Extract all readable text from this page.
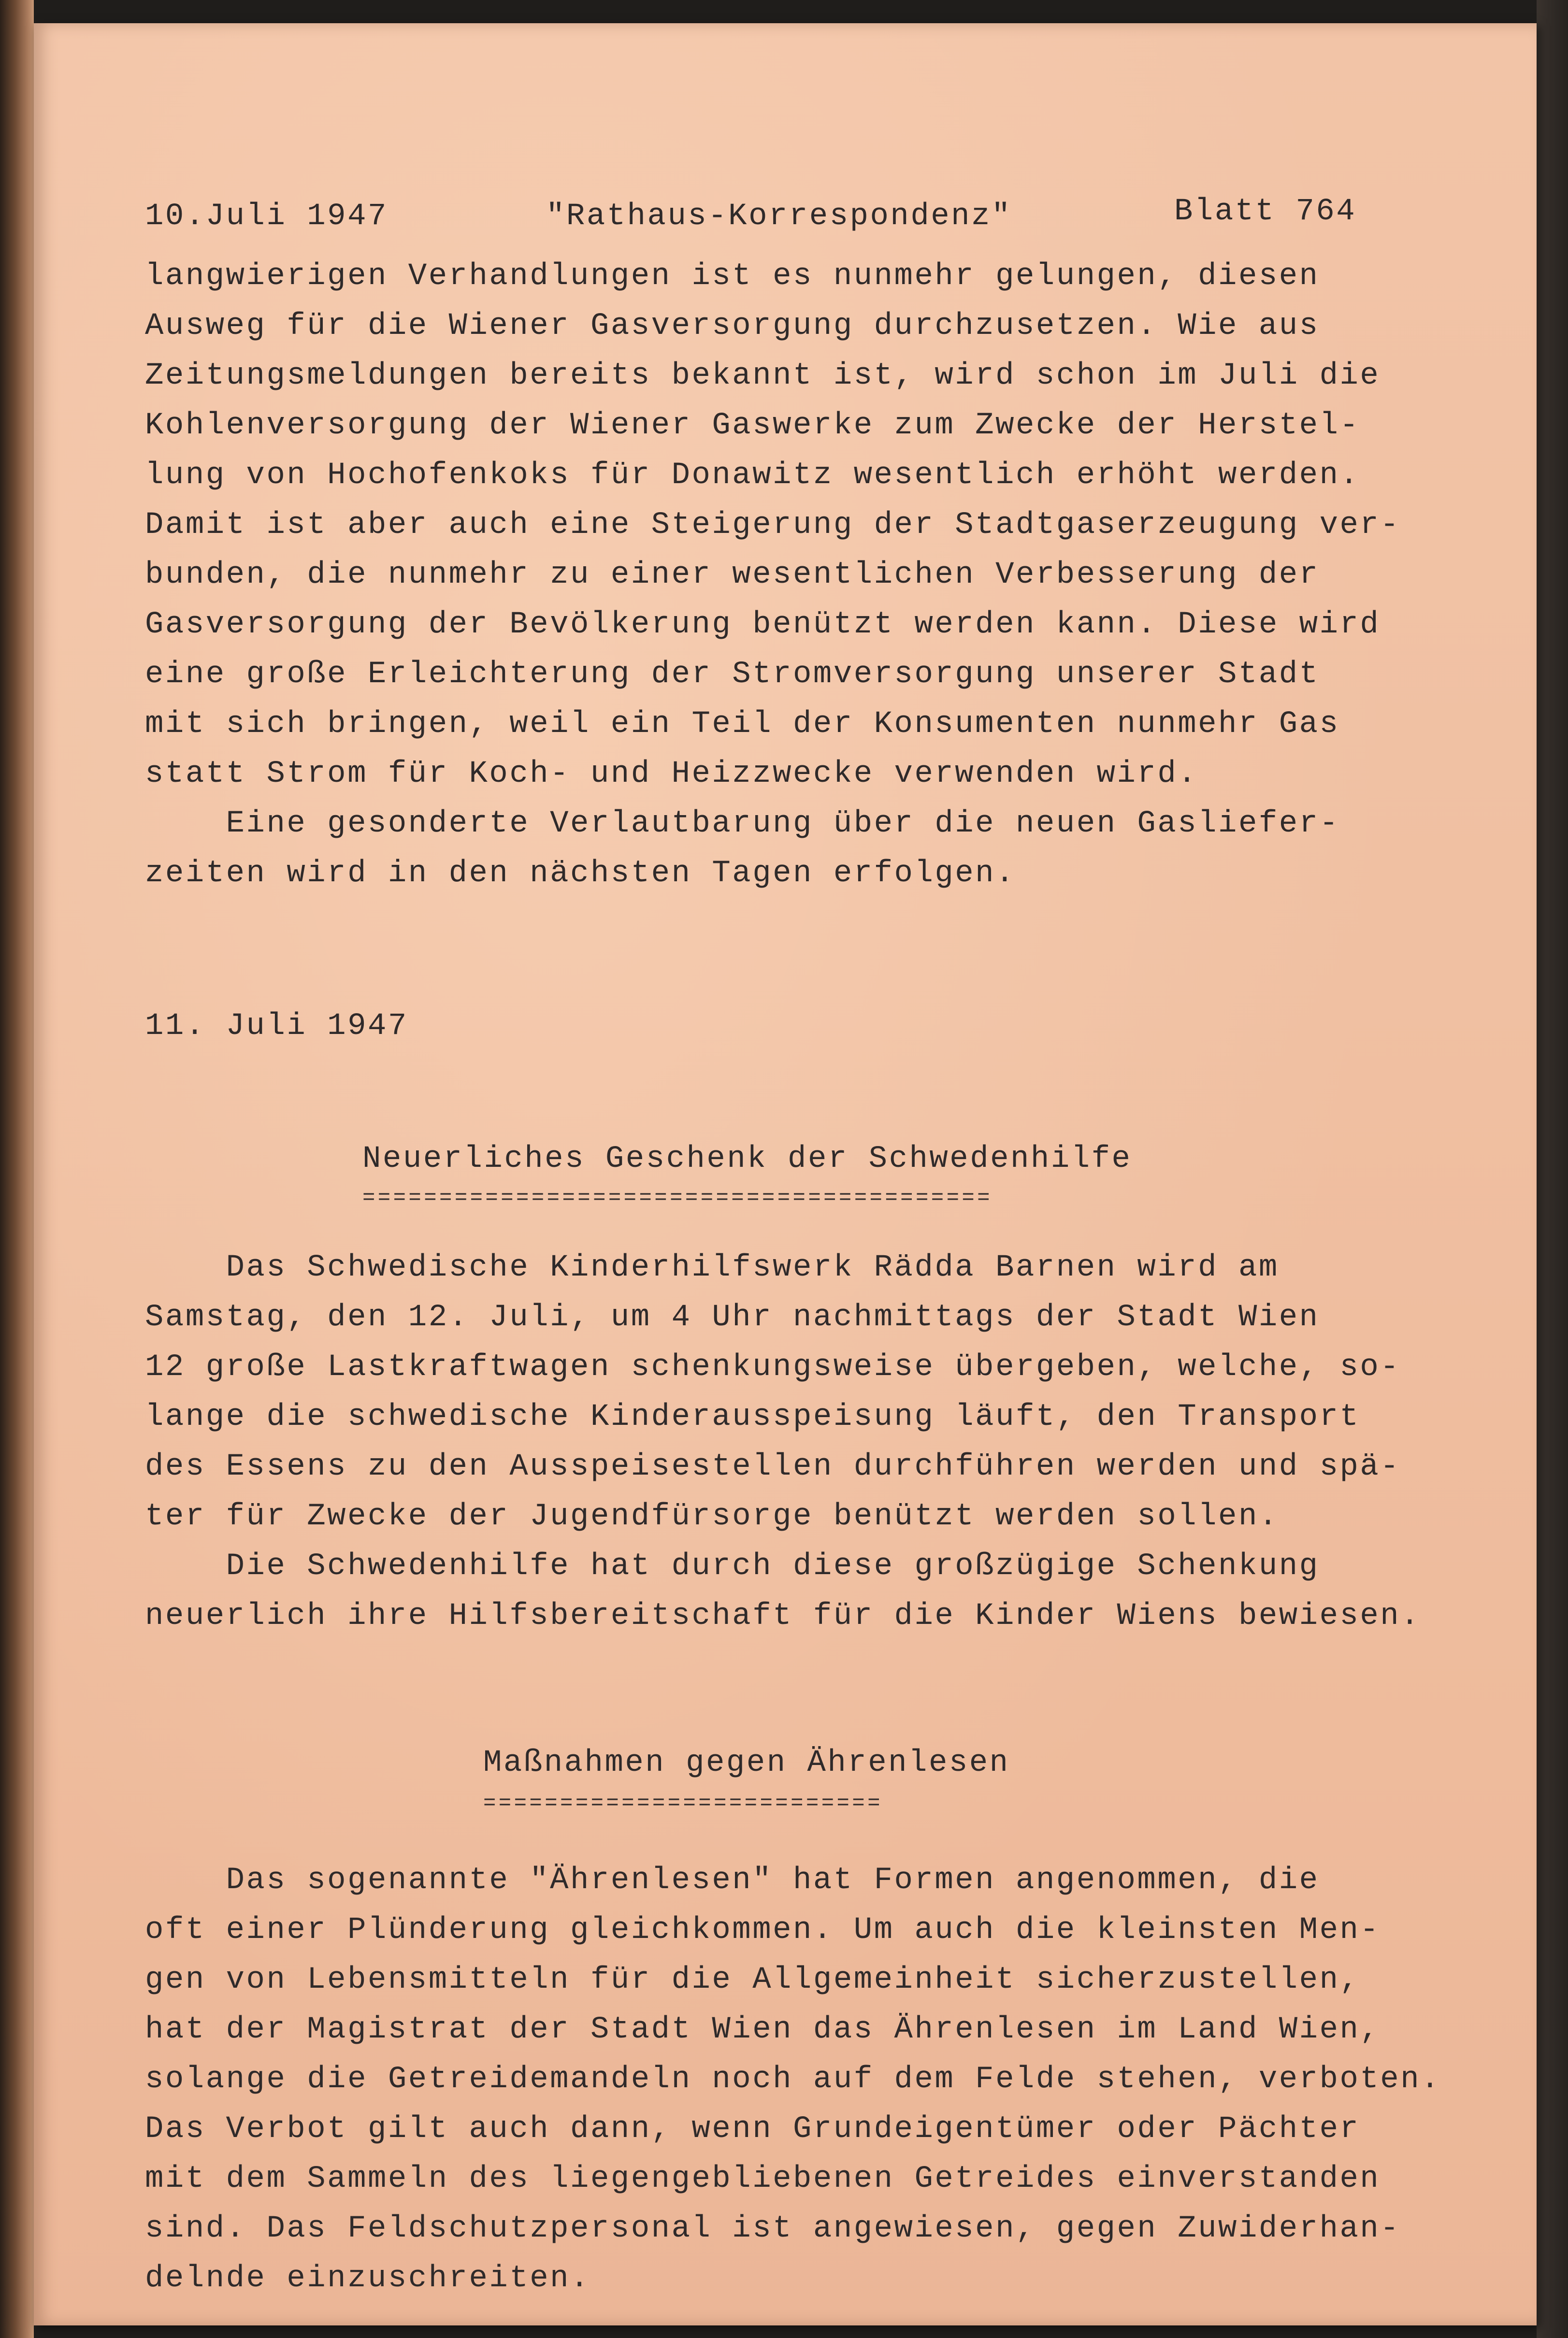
10.Juli 1947	"Rathaus-Korrespondenz"	Blatt 764
langwierigen Verhandlungen ist es nunmehr gelungen, diesen
Ausweg für die Wiener Gasversorgung durchzusetzen. Wie aus
Zeitungsmeldungen bereits bekannt ist, wird schon im Juli die
Kohlenversorgung der Wiener Gaswerke zum Zwecke der Herstel-
lung von Hochofenkoks für Donawitz wesentlich erhöht werden.
Damit ist aber auch eine Steigerung der Stadtgaserzeugung ver-
bunden, die nunmehr zu einer wesentlichen Verbesserung der
Gasversorgung der Bevölkerung benützt werden kann. Diese wird
eine große Erleichterung der Stromversorgung unserer Stadt
mit sich bringen, weil ein Teil der Konsumenten nunmehr Gas
statt Strom für Koch- und Heizzwecke verwenden wird.
Eine gesonderte Verlautbarung über die neuen Gasliefer-
zeiten wird in den nächsten Tagen erfolgen.
11. Juli 1947
Neuerliches Geschenk der Schwedenhilfe
=========================================
Das Schwedische Kinderhilfswerk Rädda Barnen wird am
Samstag, den 12. Juli, um 4 Uhr nachmittags der Stadt Wien
12 große Lastkraftwagen schenkungsweise übergeben, welche, so-
lange die schwedische Kinderausspeisung läuft, den Transport
des Essens zu den Ausspeisestellen durchführen werden und spä-
ter für Zwecke der Jugendfürsorge benützt werden sollen.
Die Schwedenhilfe hat durch diese großzügige Schenkung
neuerlich ihre Hilfsbereitschaft für die Kinder Wiens bewiesen.
Maßnahmen gegen Ährenlesen
==========================
Das sogenannte "Ährenlesen" hat Formen angenommen, die
oft einer Plünderung gleichkommen. Um auch die kleinsten Men-
gen von Lebensmitteln für die Allgemeinheit sicherzustellen,
hat der Magistrat der Stadt Wien das Ährenlesen im Land Wien,
solange die Getreidemandeln noch auf dem Felde stehen, verboten.
Das Verbot gilt auch dann, wenn Grundeigentümer oder Pächter
mit dem Sammeln des liegengebliebenen Getreides einverstanden
sind. Das Feldschutzpersonal ist angewiesen, gegen Zuwiderhan-
delnde einzuschreiten.
